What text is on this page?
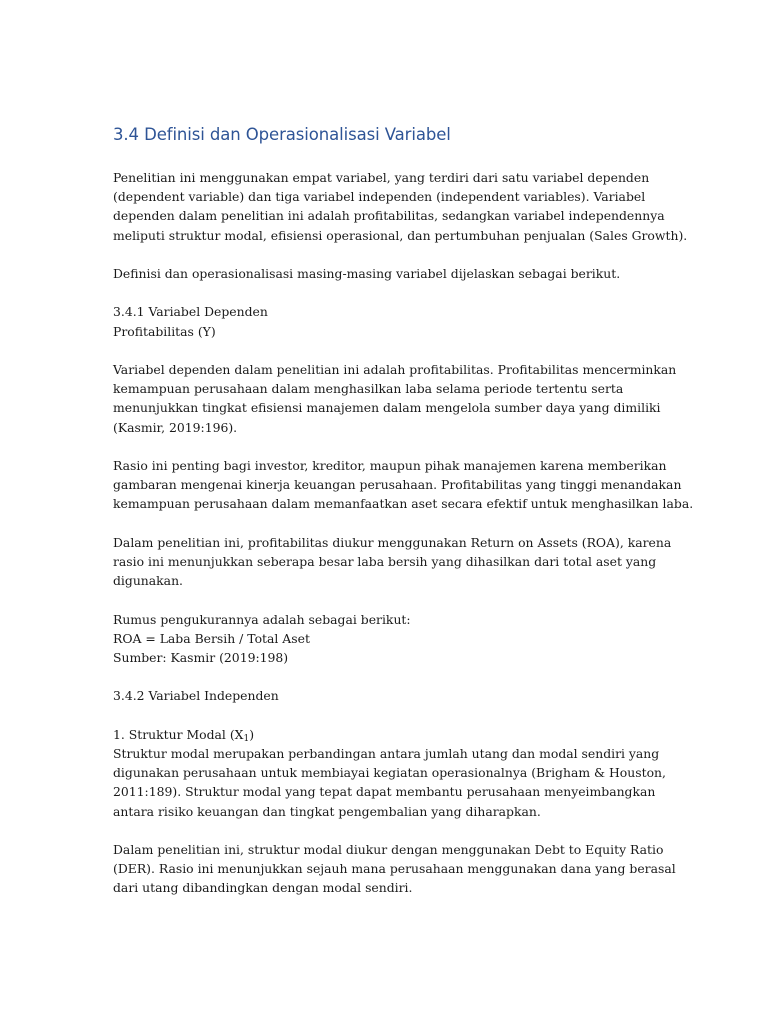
3.4 Definisi dan Operasionalisasi Variabel

Penelitian ini menggunakan empat variabel, yang terdiri dari satu variabel dependen
(dependent variable) dan tiga variabel independen (independent variables). Variabel
dependen dalam penelitian ini adalah profitabilitas, sedangkan variabel independennya
meliputi struktur modal, efisiensi operasional, dan pertumbuhan penjualan (Sales Growth).

Definisi dan operasionalisasi masing-masing variabel dijelaskan sebagai berikut.

3.4.1 Variabel Dependen
Profitabilitas (Y)

Variabel dependen dalam penelitian ini adalah profitabilitas. Profitabilitas mencerminkan
kemampuan perusahaan dalam menghasilkan laba selama periode tertentu serta
menunjukkan tingkat efisiensi manajemen dalam mengelola sumber daya yang dimiliki
(Kasmir, 2019:196).

Rasio ini penting bagi investor, kreditor, maupun pihak manajemen karena memberikan
gambaran mengenai kinerja keuangan perusahaan. Profitabilitas yang tinggi menandakan
kemampuan perusahaan dalam memanfaatkan aset secara efektif untuk menghasilkan laba.

Dalam penelitian ini, profitabilitas diukur menggunakan Return on Assets (ROA), karena
rasio ini menunjukkan seberapa besar laba bersih yang dihasilkan dari total aset yang
digunakan.

Rumus pengukurannya adalah sebagai berikut:
ROA = Laba Bersih / Total Aset
Sumber: Kasmir (2019:198)

3.4.2 Variabel Independen

1. Struktur Modal $(X_1)$
Struktur modal merupakan perbandingan antara jumlah utang dan modal sendiri yang
digunakan perusahaan untuk membiayai kegiatan operasionalnya (Brigham & Houston,
2011:189). Struktur modal yang tepat dapat membantu perusahaan menyeimbangkan
antara risiko keuangan dan tingkat pengembalian yang diharapkan.

Dalam penelitian ini, struktur modal diukur dengan menggunakan Debt to Equity Ratio
(DER). Rasio ini menunjukkan sejauh mana perusahaan menggunakan dana yang berasal
dari utang dibandingkan dengan modal sendiri.
